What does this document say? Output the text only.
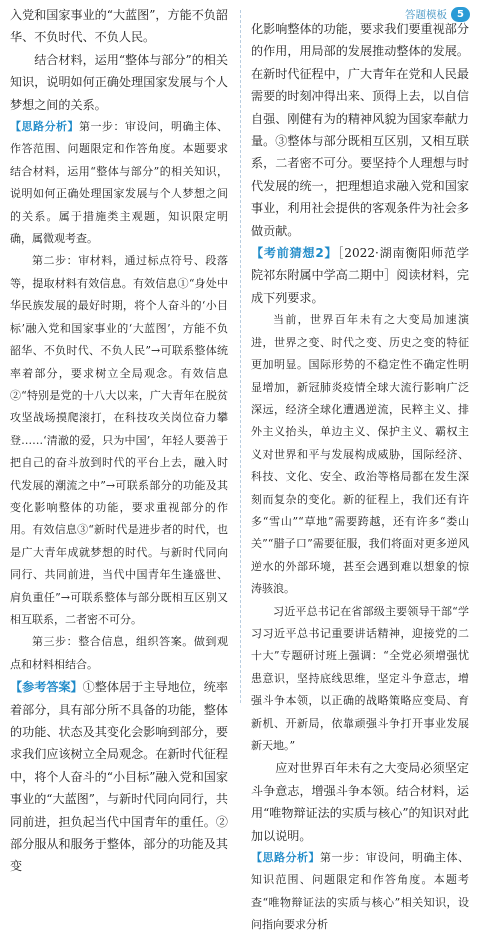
答题模板	5

入党和国家事业的“大蓝图”，方能不负韶华、不负时代、不负人民。

结合材料，运用“整体与部分”的相关知识，说明如何正确处理国家发展与个人梦想之间的关系。

【思路分析】第一步：审设问，明确主体、作答范围、问题限定和作答角度。本题要求结合材料，运用“整体与部分”的相关知识，说明如何正确处理国家发展与个人梦想之间的关系。属于措施类主观题，知识限定明确，属微观考查。

第二步：审材料，通过标点符号、段落等，提取材料有效信息。有效信息①“身处中华民族发展的最好时期，将个人奋斗的‘小目标’融入党和国家事业的‘大蓝图’，方能不负韶华、不负时代、不负人民”→可联系整体统率着部分，要求树立全局观念。有效信息②“特别是党的十八大以来，广大青年在脱贫攻坚战场摸爬滚打，在科技攻关岗位奋力攀登……‘清澈的爱，只为中国’，年轻人要善于把自己的奋斗放到时代的平台上去，融入时代发展的潮流之中”→可联系部分的功能及其变化影响整体的功能，要求重视部分的作用。有效信息③“新时代是进步者的时代，也是广大青年成就梦想的时代。与新时代同向同行、共同前进，当代中国青年生逢盛世、肩负重任”→可联系整体与部分既相互区别又相互联系，二者密不可分。

第三步：整合信息，组织答案。做到观点和材料相结合。

【参考答案】①整体居于主导地位，统率着部分，具有部分所不具备的功能，整体的功能、状态及其变化会影响到部分，要求我们应该树立全局观念。在新时代征程中，将个人奋斗的“小目标”融入党和国家事业的“大蓝图”，与新时代同向同行，共同前进，担负起当代中国青年的重任。②部分服从和服务于整体，部分的功能及其变

化影响整体的功能，要求我们要重视部分的作用，用局部的发展推动整体的发展。在新时代征程中，广大青年在党和人民最需要的时刻冲得出来、顶得上去，以自信自强、刚健有为的精神风貌为国家奉献力量。③整体与部分既相互区别，又相互联系，二者密不可分。要坚持个人理想与时代发展的统一，把理想追求融入党和国家事业，利用社会提供的客观条件为社会多做贡献。

【考前猜想2】［2022·湖南衡阳师范学院祁东附属中学高二期中］阅读材料，完成下列要求。

当前，世界百年未有之大变局加速演进，世界之变、时代之变、历史之变的特征更加明显。国际形势的不稳定性不确定性明显增加，新冠肺炎疫情全球大流行影响广泛深远，经济全球化遭遇逆流，民粹主义、排外主义抬头，单边主义、保护主义、霸权主义对世界和平与发展构成威胁，国际经济、科技、文化、安全、政治等格局都在发生深刻而复杂的变化。新的征程上，我们还有许多“雪山”“草地”需要跨越，还有许多“娄山关”“腊子口”需要征服，我们将面对更多逆风逆水的外部环境，甚至会遇到难以想象的惊涛骇浪。

习近平总书记在省部级主要领导干部“学习习近平总书记重要讲话精神，迎接党的二十大”专题研讨班上强调：“全党必须增强忧患意识，坚持底线思维，坚定斗争意志，增强斗争本领，以正确的战略策略应变局、育新机、开新局，依靠顽强斗争打开事业发展新天地。”

应对世界百年未有之大变局必须坚定斗争意志，增强斗争本领。结合材料，运用“唯物辩证法的实质与核心”的知识对此加以说明。

【思路分析】第一步：审设问，明确主体、知识范围、问题限定和作答角度。本题考查“唯物辩证法的实质与核心”相关知识，设问指向要求分析
